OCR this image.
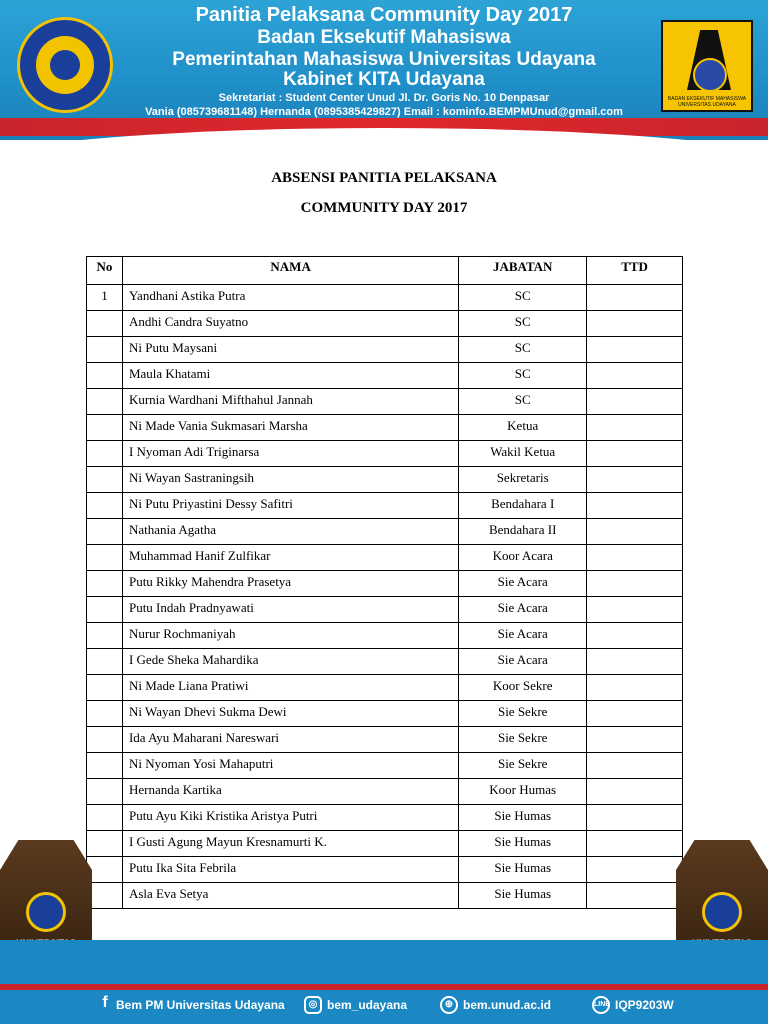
Panitia Pelaksana Community Day 2017
Badan Eksekutif Mahasiswa
Pemerintahan Mahasiswa Universitas Udayana
Kabinet KITA Udayana
Sekretariat : Student Center Unud Jl. Dr. Goris No. 10 Denpasar
Vania (085739681148) Hernanda (0895385429827) Email : kominfo.BEMPMUnud@gmail.com
BADAN EKSEKUTIF MAHASISWA UNIVERSITAS UDAYANA
ABSENSI PANITIA PELAKSANA
COMMUNITY DAY 2017
No	NAMA	JABATAN	TTD
1	Yandhani Astika Putra	SC	
	Andhi Candra Suyatno	SC	
	Ni Putu Maysani	SC	
	Maula Khatami	SC	
	Kurnia Wardhani Mifthahul Jannah	SC	
	Ni Made Vania Sukmasari Marsha	Ketua	
	I Nyoman Adi Triginarsa	Wakil Ketua	
	Ni Wayan Sastraningsih	Sekretaris	
	Ni Putu Priyastini Dessy Safitri	Bendahara I	
	Nathania Agatha	Bendahara II	
	Muhammad Hanif Zulfikar	Koor Acara	
	Putu Rikky Mahendra Prasetya	Sie Acara	
	Putu Indah Pradnyawati	Sie Acara	
	Nurur Rochmaniyah	Sie Acara	
	I Gede Sheka Mahardika	Sie Acara	
	Ni Made Liana Pratiwi	Koor Sekre	
	Ni Wayan Dhevi Sukma Dewi	Sie Sekre	
	Ida Ayu Maharani Nareswari	Sie Sekre	
	Ni Nyoman Yosi Mahaputri	Sie Sekre	
	Hernanda Kartika	Koor Humas	
	Putu Ayu Kiki Kristika Aristya Putri	Sie Humas	
	I Gusti Agung Mayun Kresnamurti K.	Sie Humas	
	Putu Ika Sita Febrila	Sie Humas	
	Asla Eva Setya	Sie Humas	
f Bem PM Universitas Udayana	◎ bem_udayana	⊕ bem.unud.ac.id	LINE IQP9203W
